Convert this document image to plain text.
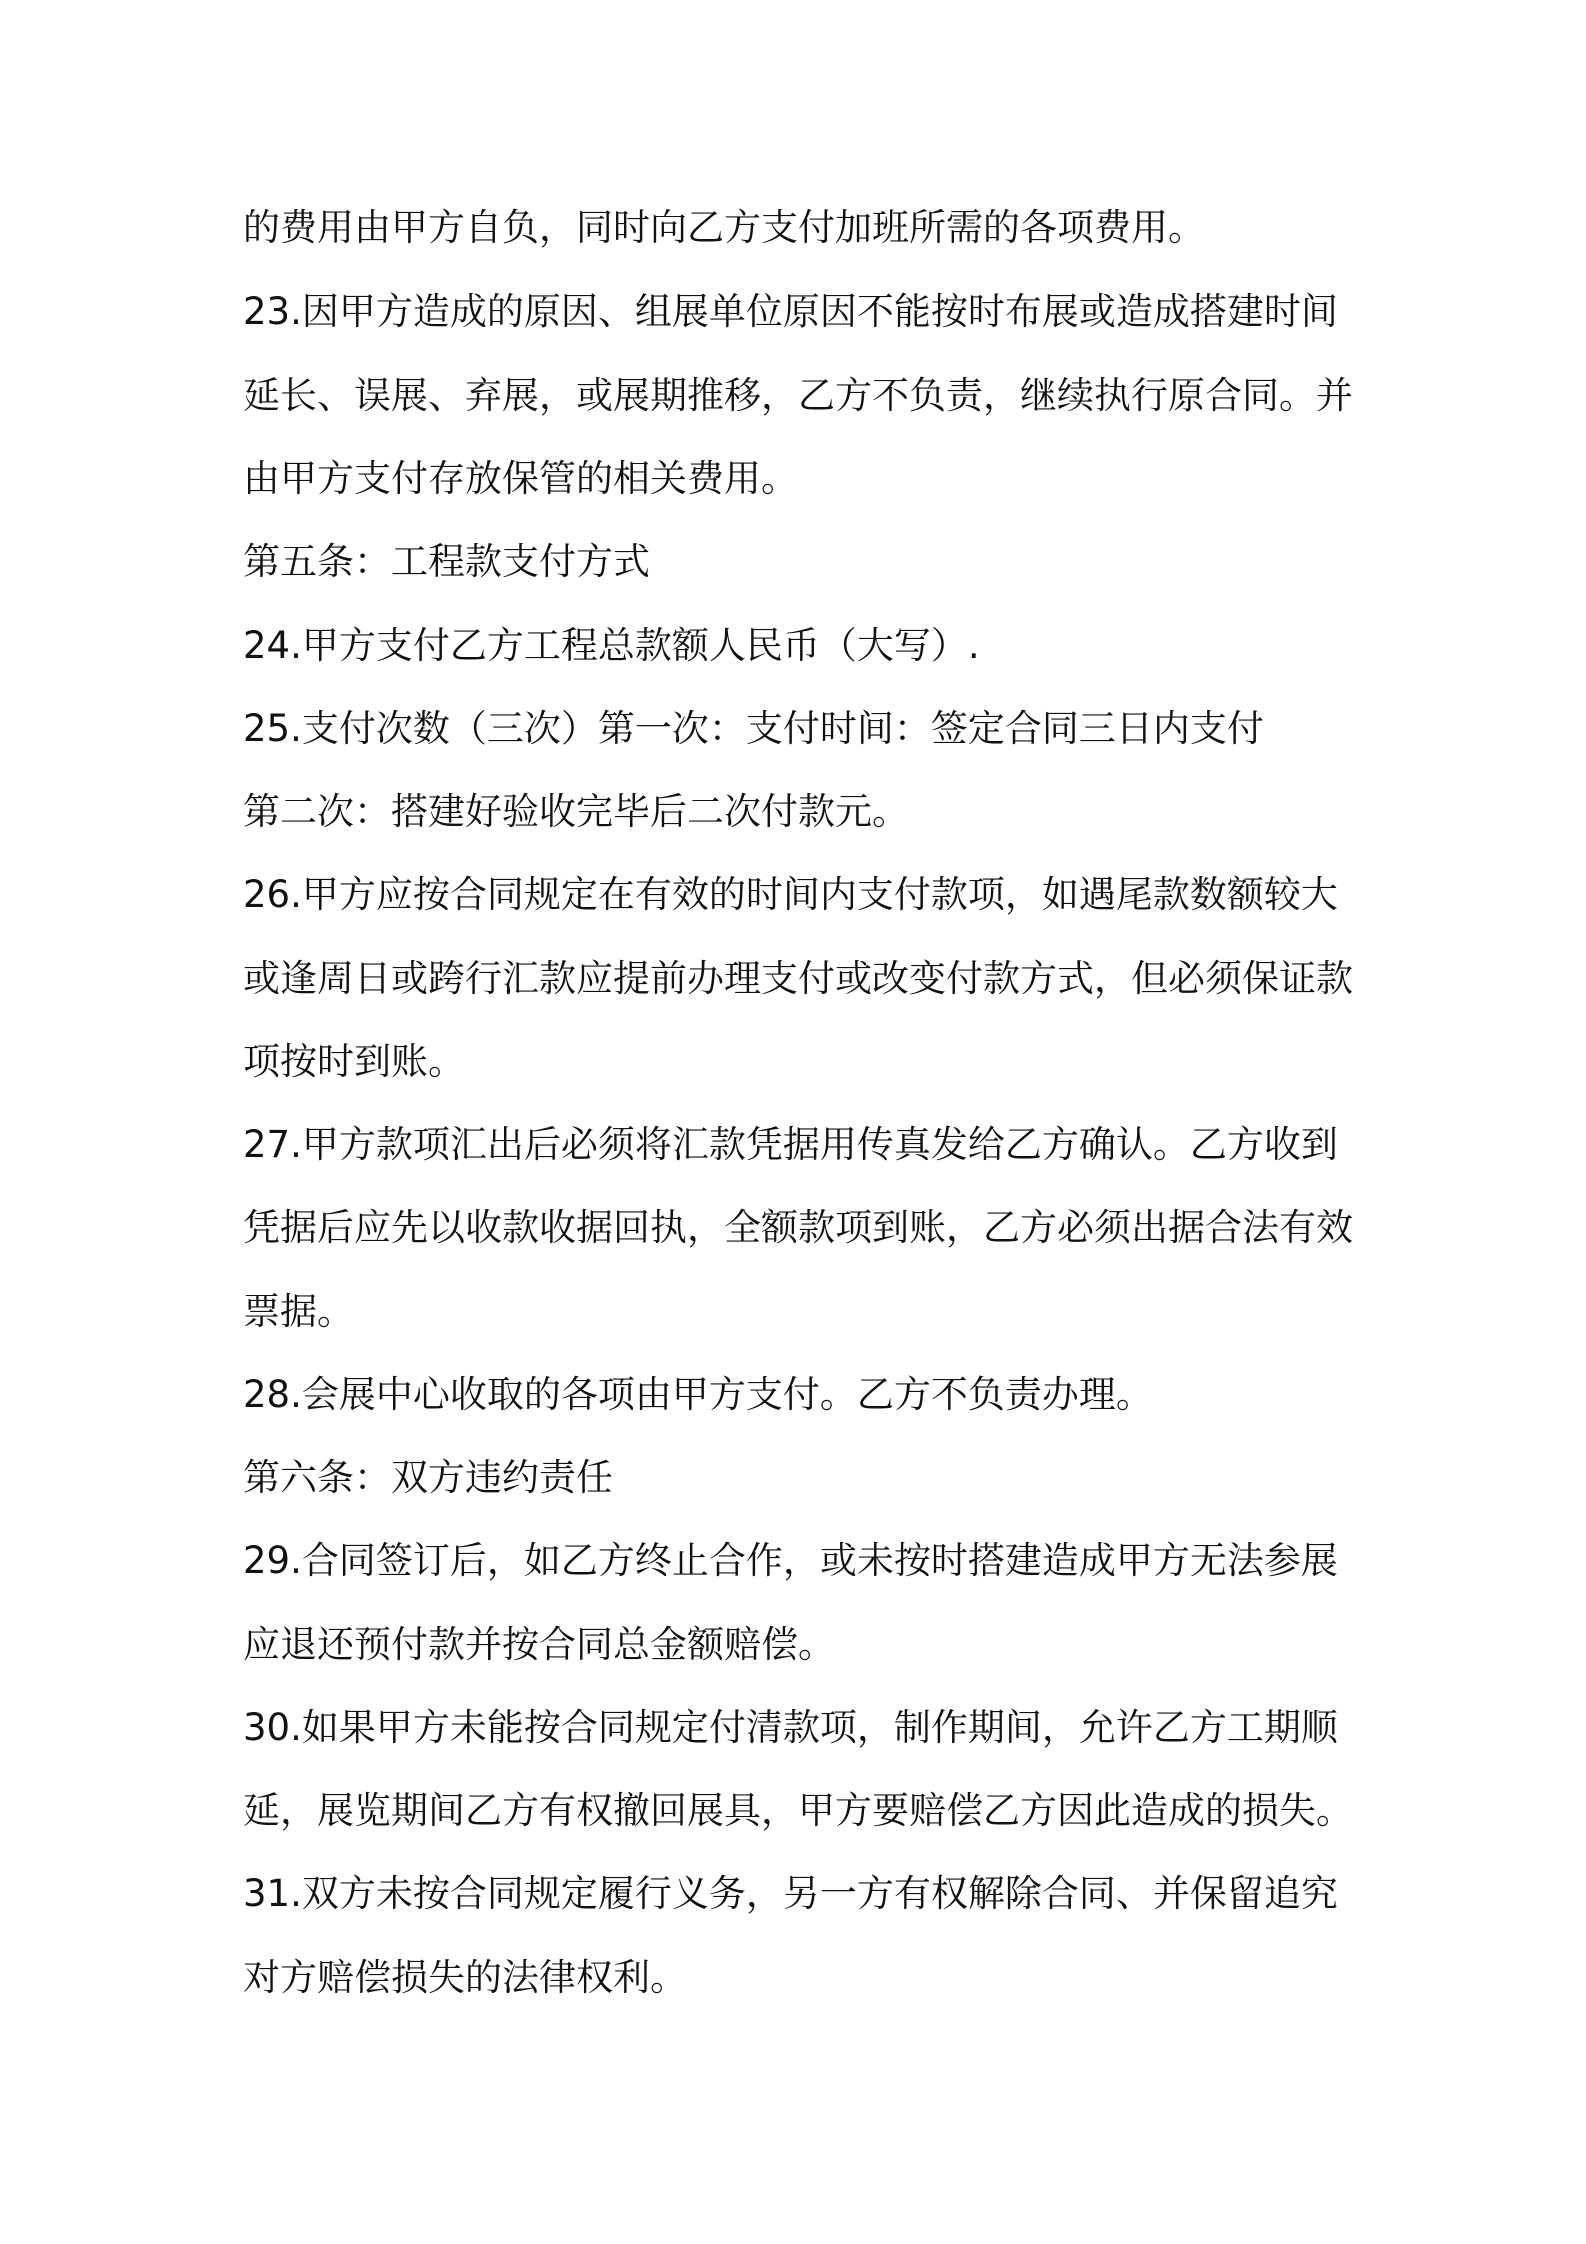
的费用由甲方自负，同时向乙方支付加班所需的各项费用。
23.因甲方造成的原因、组展单位原因不能按时布展或造成搭建时间
延长、误展、弃展，或展期推移，乙方不负责，继续执行原合同。并
由甲方支付存放保管的相关费用。
第五条：工程款支付方式
24.甲方支付乙方工程总款额人民币（大写）.
25.支付次数（三次）第一次：支付时间：签定合同三日内支付
第二次：搭建好验收完毕后二次付款元。
26.甲方应按合同规定在有效的时间内支付款项，如遇尾款数额较大
或逢周日或跨行汇款应提前办理支付或改变付款方式，但必须保证款
项按时到账。
27.甲方款项汇出后必须将汇款凭据用传真发给乙方确认。乙方收到
凭据后应先以收款收据回执，全额款项到账，乙方必须出据合法有效
票据。
28.会展中心收取的各项由甲方支付。乙方不负责办理。
第六条：双方违约责任
29.合同签订后，如乙方终止合作，或未按时搭建造成甲方无法参展
应退还预付款并按合同总金额赔偿。
30.如果甲方未能按合同规定付清款项，制作期间，允许乙方工期顺
延，展览期间乙方有权撤回展具，甲方要赔偿乙方因此造成的损失。
31.双方未按合同规定履行义务，另一方有权解除合同、并保留追究
对方赔偿损失的法律权利。
